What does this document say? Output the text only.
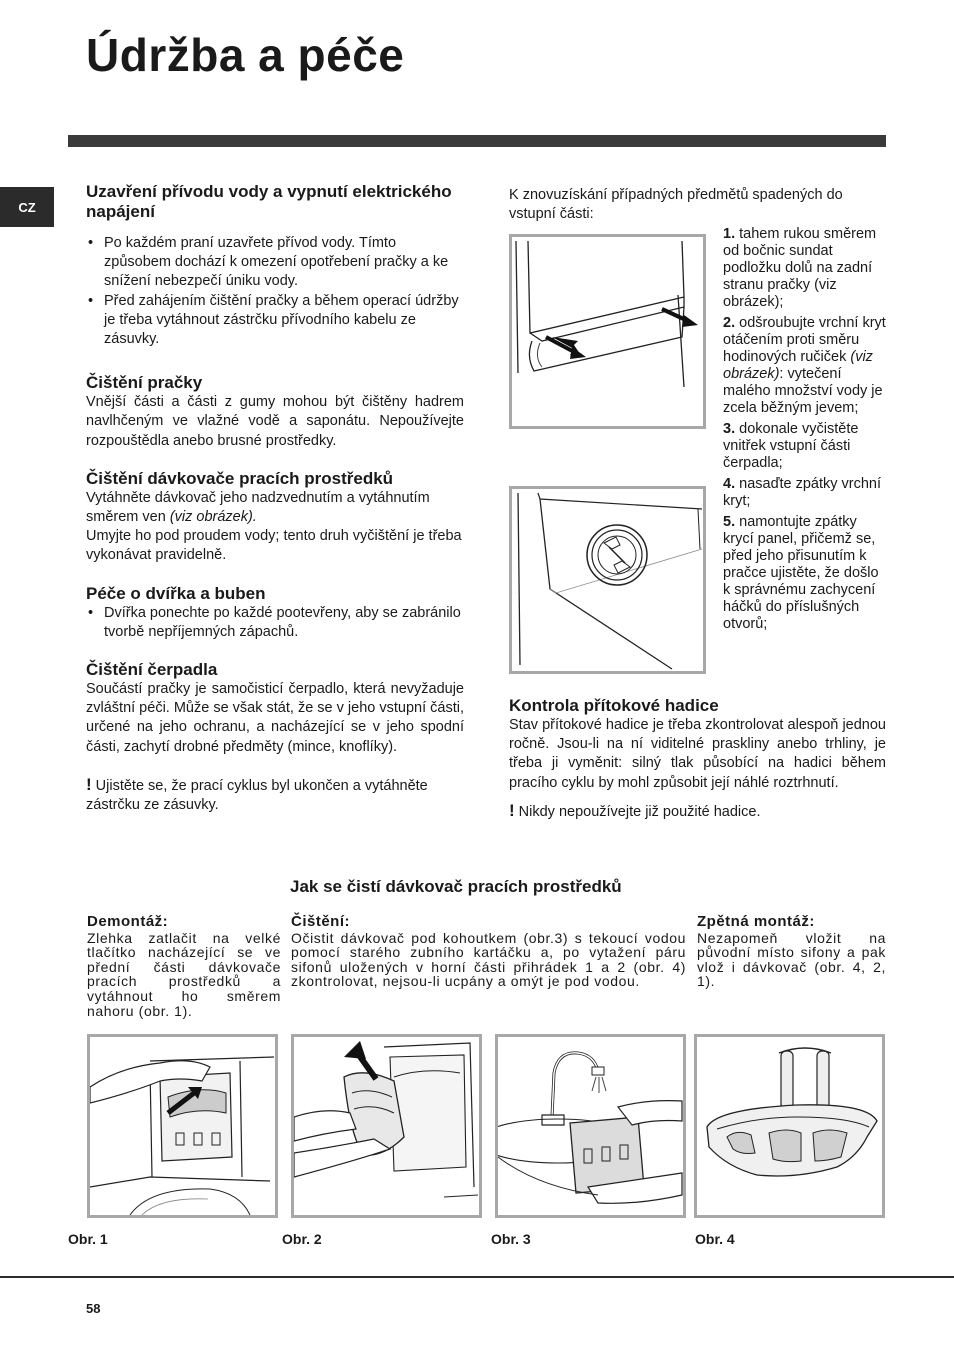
Údržba a péče
CZ
Uzavření přívodu vody a vypnutí elektrického napájení
• Po každém praní uzavřete přívod vody. Tímto způsobem dochází k omezení opotřebení pračky a ke snížení nebezpečí úniku vody.
• Před zahájením čištění pračky a během operací údržby je třeba vytáhnout zástrčku přívodního kabelu ze zásuvky.
Čištění pračky

Vnější části a části z gumy mohou být čištěny hadrem navlhčeným ve vlažné vodě a saponátu. Nepoužívejte rozpouštědla anebo brusné prostředky.

Čištění dávkovače pracích prostředků

Vytáhněte dávkovač jeho nadzvednutím a vytáhnutím směrem ven (viz obrázek).

Umyjte ho pod proudem vody; tento druh vyčištění je třeba vykonávat pravidelně.

Péče o dvířka a buben
• Dvířka ponechte po každé pootevřeny, aby se zabránilo tvorbě nepříjemných zápachů.
Čištění čerpadla

Součástí pračky je samočisticí čerpadlo, která nevyžaduje zvláštní péči. Může se však stát, že se v jeho vstupní části, určené na jeho ochranu, a nacházející se v jeho spodní části, zachytí drobné předměty (mince, knoflíky).

! Ujistěte se, že prací cyklus byl ukončen a vytáhněte zástrčku ze zásuvky.

K znovuzískání případných předmětů spadených do vstupní části:

1. tahem rukou směrem od bočnic sundat podložku dolů na zadní stranu pračky (viz obrázek);
2. odšroubujte vrchní kryt otáčením proti směru hodinových ručiček (viz obrázek): vytečení malého množství vody je zcela běžným jevem;
3. dokonale vyčistěte vnitřek vstupní části čerpadla;
4. nasaďte zpátky vrchní kryt;
5. namontujte zpátky krycí panel, přičemž se, před jeho přisunutím k pračce ujistěte, že došlo k správnému zachycení háčků do příslušných otvorů;
Kontrola přítokové hadice

Stav přítokové hadice je třeba zkontrolovat alespoň jednou ročně. Jsou-li na ní viditelné praskliny anebo trhliny, je třeba ji vyměnit: silný tlak působící na hadici během pracího cyklu by mohl způsobit její náhlé roztrhnutí.

! Nikdy nepoužívejte již použité hadice.

Jak se čistí dávkovač pracích prostředků
Demontáž:

Zlehka zatlačit na velké tlačítko nacházející se ve přední části dávkovače pracích prostředků a vytáhnout ho směrem nahoru (obr. 1).

Čištění:

Očistit dávkovač pod kohoutkem (obr.3) s tekoucí vodou pomocí starého zubního kartáčku a, po vytažení páru sifonů uložených v horní části přihrádek 1 a 2 (obr. 4) zkontrolovat, nejsou-li ucpány a omýt je pod vodou.

Zpětná montáž:

Nezapomeň vložit na původní místo sifony a pak vlož i dávkovač (obr. 4, 2, 1).

Obr. 1	Obr. 2	Obr. 3	Obr. 4
58
